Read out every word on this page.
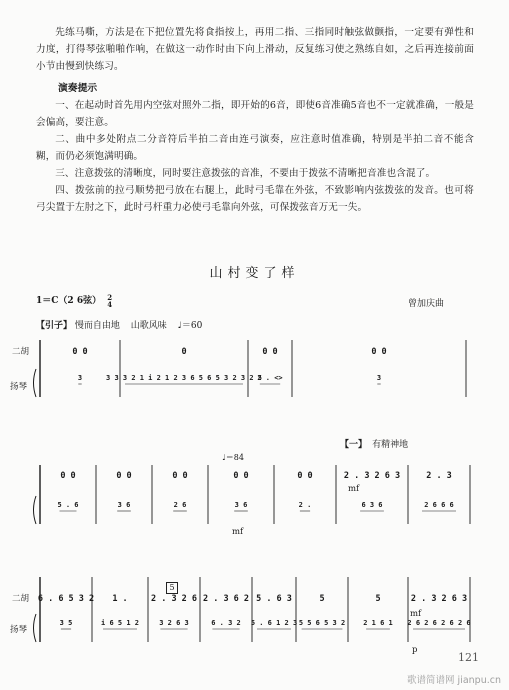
先练马嘶，方法是在下把位置先将食指按上，再用二指、三指同时触弦做颤指，一定要有弹性和力度，打得琴弦啪啪作响，在做这一动作时由下向上滑动，反复练习使之熟练自如，之后再连接前面小节由慢到快练习。

演奏提示

一、在起动时首先用内空弦对照外二指，即开始的6音，即使6音准确5音也不一定就准确，一般是会偏高，要注意。

二、曲中多处附点二分音符后半拍二音由连弓演奏，应注意时值准确，特别是半拍二音不能含糊，而仍必须饱满明确。

三、注意拨弦的清晰度，同时要注意拨弦的音准，不要由于拨弦不清晰把音准也含混了。

四、拨弦前的拉弓顺势把弓放在右腿上，此时弓毛靠在外弦，不致影响内弦拨弦的发音。也可将弓尖置于左肘之下，此时弓杆重力必使弓毛靠向外弦，可保拨弦音万无一失。

山村变了样
1＝C（2 6弦） 2
4	曾加庆曲
【引子】 慢而自由地 山歌风味 ♩＝60
♩＝84
【一】 有精神地
5
0 0
3
0
3 3 3 2 1 i 2 1 2 3 6 5 6 5 3 2 3 2 5
0 0
2 . <>
0 0
3
0 0
5 . 6
0 0
3 6
0 0
2 6
0 0
3 6
0 0
2 .
2 . 3 2 6 3
6 3 6
2 . 3
2 6 6 6
6 . 6 5 3 2
3 5
1 .
i 6 5 1 2
2 . 3 2 6
3 2 6 3
2 . 3 6 2
6 . 3 2
5 . 6 3
5 . 6 1 2 3
5
5 5 6 5 3 2
5
2 1 6 1
2 . 3 2 6 3
2 6 2 6 2 6 2 6
121
歌谱简谱网 jianpu.cn
二胡
扬琴
二胡
扬琴
mf
mf
mf
p
